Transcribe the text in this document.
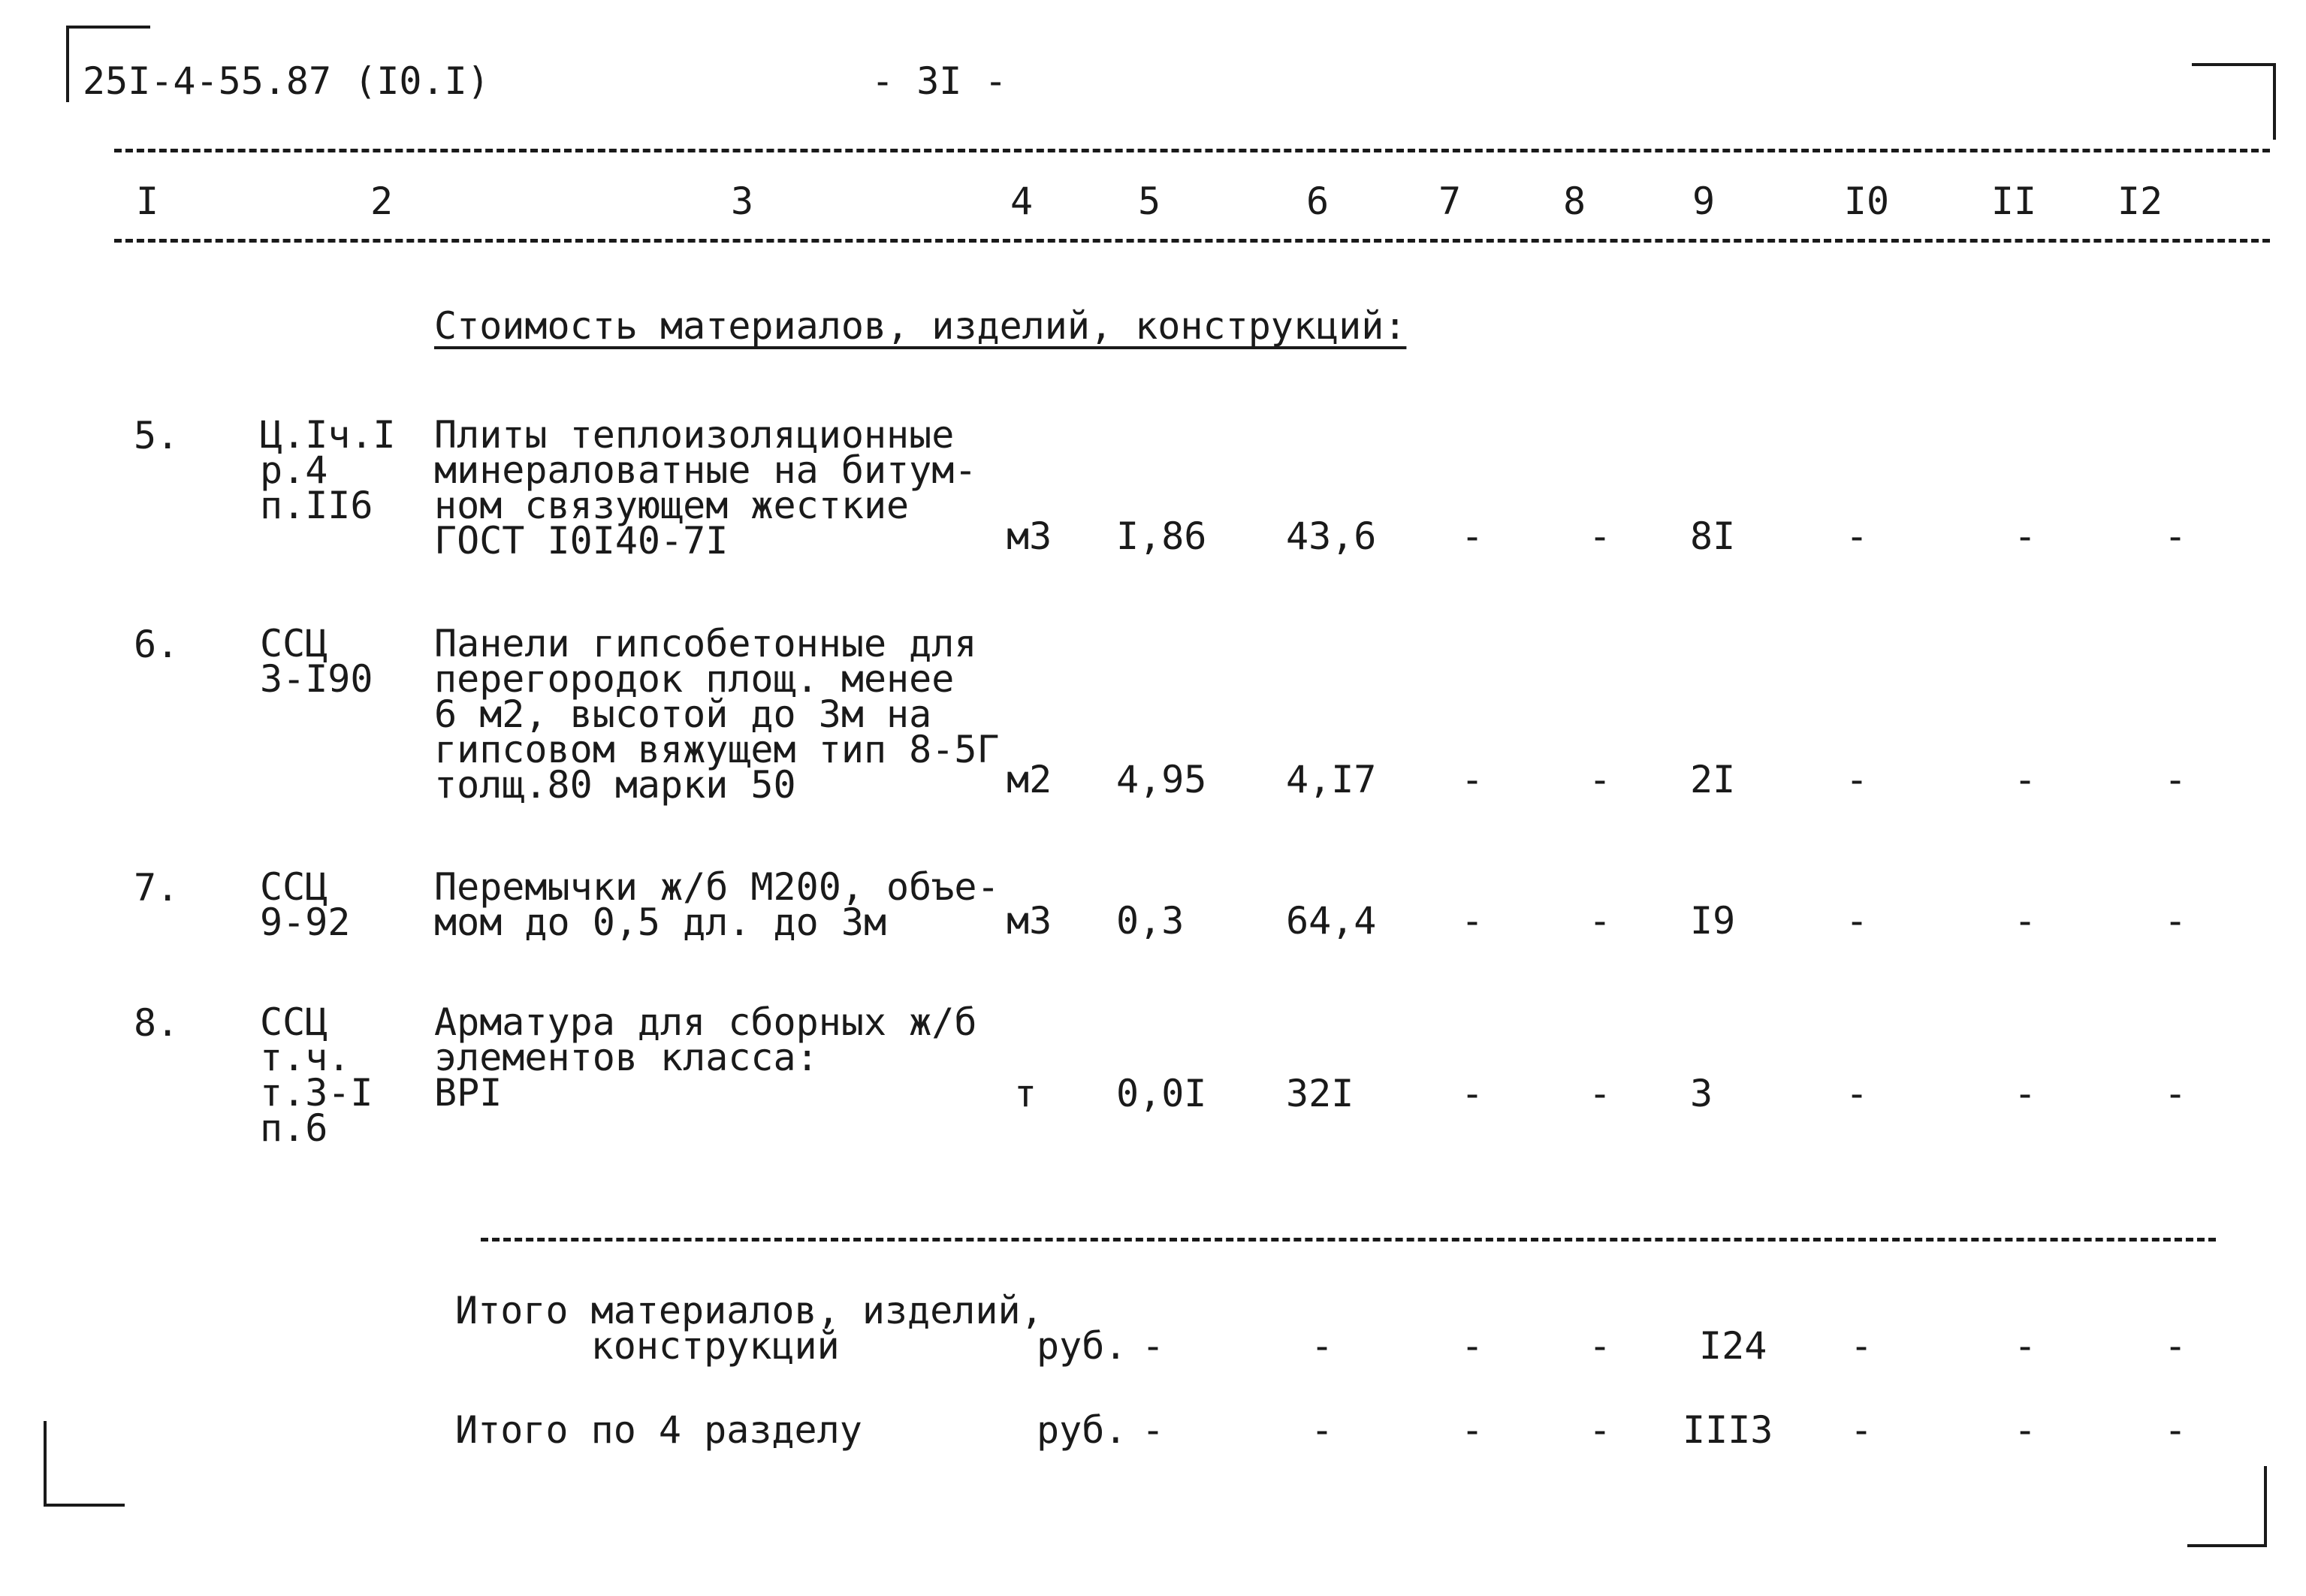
25I-4-55.87 (I0.I)	- 3I -
I	2	3	4	5	6	7	8	9	I0	II I2
Стоимость материалов, изделий, конструкций:
5. Ц.Iч.I
р.4
п.II6
Плиты теплоизоляционные
минераловатные на битум-
ном связующем жесткие
ГОСТ I0I40-7I	м3 I,86 43,6 -	- 8I	-	-	-
6. ССЦ
3-I90
Панели гипсобетонные для
перегородок площ. менее
6 м2, высотой до 3м на
гипсовом вяжущем тип 8-5Г
толщ.80 марки 50	м2 4,95 4,I7 -	- 2I	-	-	-
7. ССЦ
9-92
Перемычки ж/б М200, объе-
мом до 0,5 дл. до 3м	м3 0,3	64,4 -	- I9	-	-	-
8. ССЦ
т.ч.
т.3-I
п.6
Арматура для сборных ж/б
элементов класса:
ВРI	т 0,0I 32I	-	- 3	-	-	-
Итого материалов, изделий,
конструкций	руб. -	-	-	- I24 -	-	-
Итого по 4 разделу	руб. -	-	-	- III3 -	-	-
